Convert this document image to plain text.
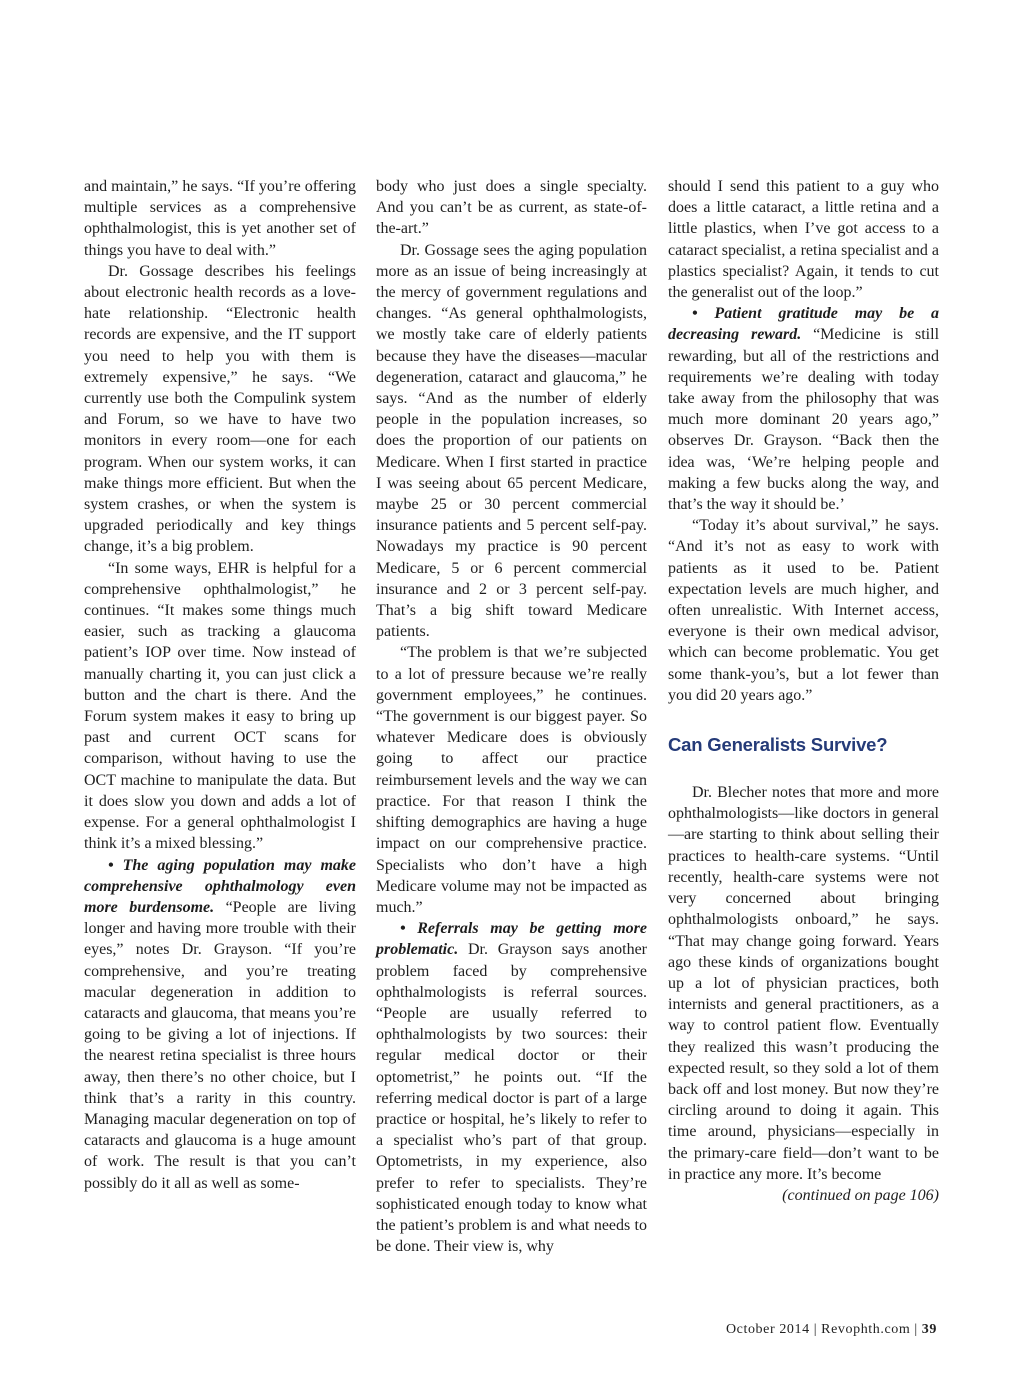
and maintain,” he says. “If you’re offering multiple services as a comprehensive ophthalmologist, this is yet another set of things you have to deal with.”

Dr. Gossage describes his feelings about electronic health records as a love-hate relationship. “Electronic health records are expensive, and the IT support you need to help you with them is extremely expensive,” he says. “We currently use both the Compulink system and Forum, so we have to have two monitors in every room—one for each program. When our system works, it can make things more efficient. But when the system crashes, or when the system is upgraded periodically and key things change, it’s a big problem.

“In some ways, EHR is helpful for a comprehensive ophthalmologist,” he continues. “It makes some things much easier, such as tracking a glaucoma patient’s IOP over time. Now instead of manually charting it, you can just click a button and the chart is there. And the Forum system makes it easy to bring up past and current OCT scans for comparison, without having to use the OCT machine to manipulate the data. But it does slow you down and adds a lot of expense. For a general ophthalmologist I think it’s a mixed blessing.”

• The aging population may make comprehensive ophthalmology even more burdensome. “People are living longer and having more trouble with their eyes,” notes Dr. Grayson. “If you’re comprehensive, and you’re treating macular degeneration in addition to cataracts and glaucoma, that means you’re going to be giving a lot of injections. If the nearest retina specialist is three hours away, then there’s no other choice, but I think that’s a rarity in this country. Managing macular degeneration on top of cataracts and glaucoma is a huge amount of work. The result is that you can’t possibly do it all as well as some-

body who just does a single specialty. And you can’t be as current, as state-of-the-art.”

Dr. Gossage sees the aging population more as an issue of being increasingly at the mercy of government regulations and changes. “As general ophthalmologists, we mostly take care of elderly patients because they have the diseases—macular degeneration, cataract and glaucoma,” he says. “And as the number of elderly people in the population increases, so does the proportion of our patients on Medicare. When I first started in practice I was seeing about 65 percent Medicare, maybe 25 or 30 percent commercial insurance patients and 5 percent self-pay. Nowadays my practice is 90 percent Medicare, 5 or 6 percent commercial insurance and 2 or 3 percent self-pay. That’s a big shift toward Medicare patients.

“The problem is that we’re subjected to a lot of pressure because we’re really government employees,” he continues. “The government is our biggest payer. So whatever Medicare does is obviously going to affect our practice reimbursement levels and the way we can practice. For that reason I think the shifting demographics are having a huge impact on our comprehensive practice. Specialists who don’t have a high Medicare volume may not be impacted as much.”

• Referrals may be getting more problematic. Dr. Grayson says another problem faced by comprehensive ophthalmologists is referral sources. “People are usually referred to ophthalmologists by two sources: their regular medical doctor or their optometrist,” he points out. “If the referring medical doctor is part of a large practice or hospital, he’s likely to refer to a specialist who’s part of that group. Optometrists, in my experience, also prefer to refer to specialists. They’re sophisticated enough today to know what the patient’s problem is and what needs to be done. Their view is, why

should I send this patient to a guy who does a little cataract, a little retina and a little plastics, when I’ve got access to a cataract specialist, a retina specialist and a plastics specialist? Again, it tends to cut the generalist out of the loop.”

• Patient gratitude may be a decreasing reward. “Medicine is still rewarding, but all of the restrictions and requirements we’re dealing with today take away from the philosophy that was much more dominant 20 years ago,” observes Dr. Grayson. “Back then the idea was, ‘We’re helping people and making a few bucks along the way, and that’s the way it should be.’

“Today it’s about survival,” he says. “And it’s not as easy to work with patients as it used to be. Patient expectation levels are much higher, and often unrealistic. With Internet access, everyone is their own medical advisor, which can become problematic. You get some thank-you’s, but a lot fewer than you did 20 years ago.”

Can Generalists Survive?

Dr. Blecher notes that more and more ophthalmologists—like doctors in general—are starting to think about selling their practices to health-care systems. “Until recently, health-care systems were not very concerned about bringing ophthalmologists onboard,” he says. “That may change going forward. Years ago these kinds of organizations bought up a lot of physician practices, both internists and general practitioners, as a way to control patient flow. Eventually they realized this wasn’t producing the expected result, so they sold a lot of them back off and lost money. But now they’re circling around to doing it again. This time around, physicians—especially in the primary-care field—don’t want to be in practice any more. It’s become

(continued on page 106)

October 2014 | Revophth.com | 39
